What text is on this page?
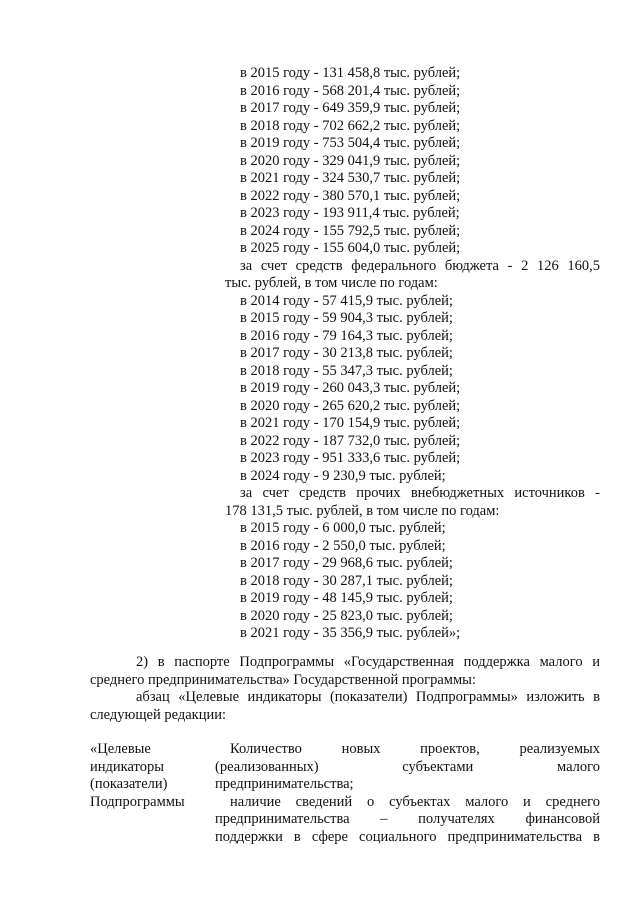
в 2015 году - 131 458,8 тыс. рублей;
в 2016 году - 568 201,4 тыс. рублей;
в 2017 году - 649 359,9 тыс. рублей;
в 2018 году - 702 662,2 тыс. рублей;
в 2019 году - 753 504,4 тыс. рублей;
в 2020 году - 329 041,9 тыс. рублей;
в 2021 году - 324 530,7 тыс. рублей;
в 2022 году - 380 570,1 тыс. рублей;
в 2023 году - 193 911,4 тыс. рублей;
в 2024 году - 155 792,5 тыс. рублей;
в 2025 году - 155 604,0 тыс. рублей;
за счет средств федерального бюджета - 2 126 160,5
тыс. рублей, в том числе по годам:
в 2014 году - 57 415,9 тыс. рублей;
в 2015 году - 59 904,3 тыс. рублей;
в 2016 году - 79 164,3 тыс. рублей;
в 2017 году - 30 213,8 тыс. рублей;
в 2018 году - 55 347,3 тыс. рублей;
в 2019 году - 260 043,3 тыс. рублей;
в 2020 году - 265 620,2 тыс. рублей;
в 2021 году - 170 154,9 тыс. рублей;
в 2022 году - 187 732,0 тыс. рублей;
в 2023 году - 951 333,6 тыс. рублей;
в 2024 году - 9 230,9 тыс. рублей;
за счет средств прочих внебюджетных источников -
178 131,5 тыс. рублей, в том числе по годам:
в 2015 году - 6 000,0 тыс. рублей;
в 2016 году - 2 550,0 тыс. рублей;
в 2017 году - 29 968,6 тыс. рублей;
в 2018 году - 30 287,1 тыс. рублей;
в 2019 году - 48 145,9 тыс. рублей;
в 2020 году - 25 823,0 тыс. рублей;
в 2021 году - 35 356,9 тыс. рублей»;
2) в паспорте Подпрограммы «Государственная поддержка малого и
среднего предпринимательства» Государственной программы:
абзац «Целевые индикаторы (показатели) Подпрограммы» изложить в
следующей редакции:
«Целевые
индикаторы
(показатели)
Подпрограммы
Количество новых проектов, реализуемых
(реализованных) субъектами малого
предпринимательства;
наличие сведений о субъектах малого и среднего
предпринимательства – получателях финансовой
поддержки в сфере социального предпринимательства в
